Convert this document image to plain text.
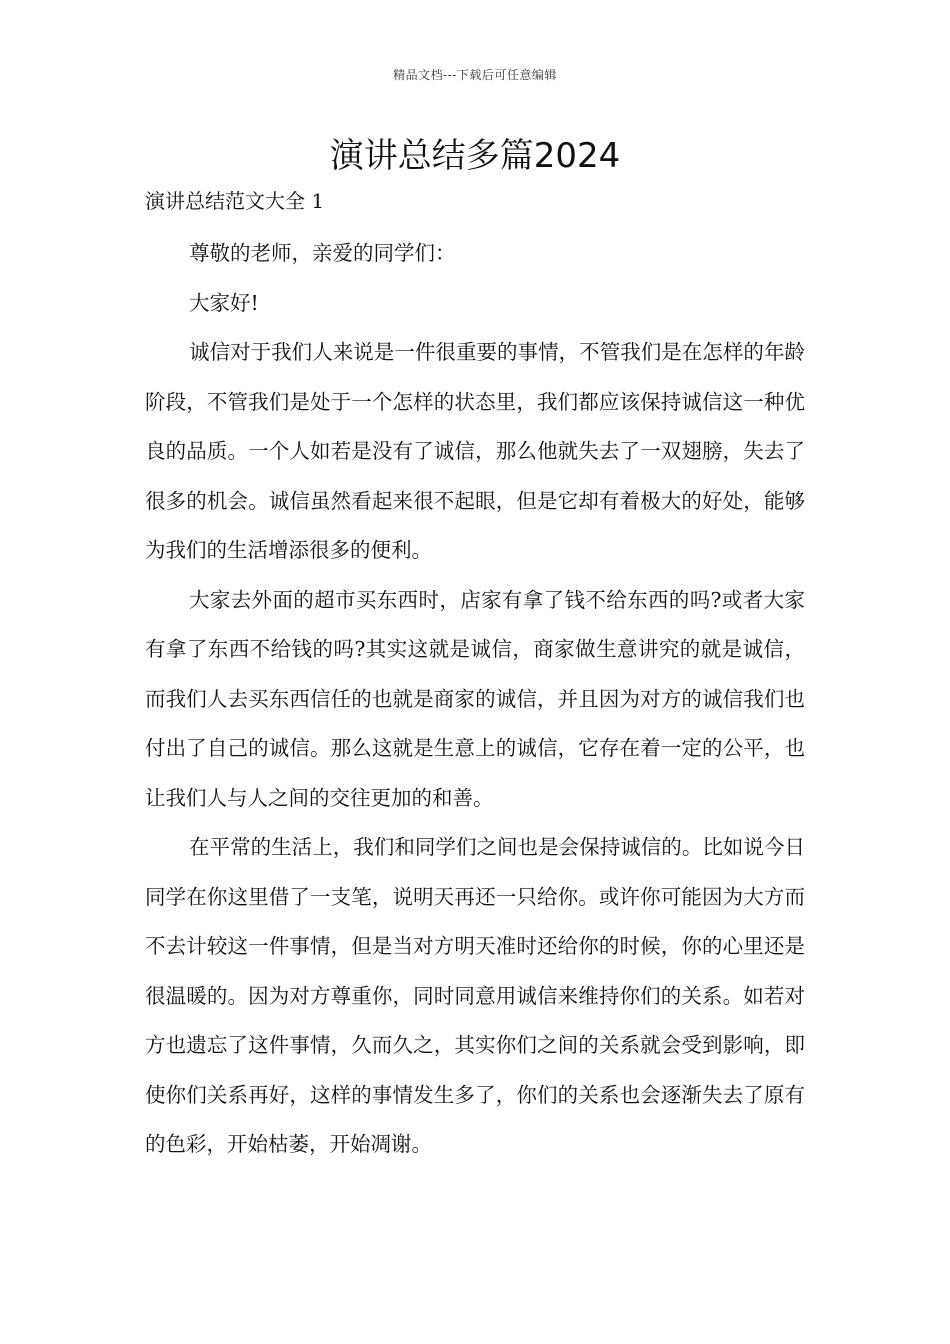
精品文档---下载后可任意编辑
演讲总结多篇2024

演讲总结范文大全 1

尊敬的老师，亲爱的同学们：

大家好!

诚信对于我们人来说是一件很重要的事情，不管我们是在怎样的年龄阶段，不管我们是处于一个怎样的状态里，我们都应该保持诚信这一种优良的品质。一个人如若是没有了诚信，那么他就失去了一双翅膀，失去了很多的机会。诚信虽然看起来很不起眼，但是它却有着极大的好处，能够为我们的生活增添很多的便利。

大家去外面的超市买东西时，店家有拿了钱不给东西的吗?或者大家有拿了东西不给钱的吗?其实这就是诚信，商家做生意讲究的就是诚信，而我们人去买东西信任的也就是商家的诚信，并且因为对方的诚信我们也付出了自己的诚信。那么这就是生意上的诚信，它存在着一定的公平，也让我们人与人之间的交往更加的和善。

在平常的生活上，我们和同学们之间也是会保持诚信的。比如说今日同学在你这里借了一支笔，说明天再还一只给你。或许你可能因为大方而不去计较这一件事情，但是当对方明天准时还给你的时候，你的心里还是很温暖的。因为对方尊重你，同时同意用诚信来维持你们的关系。如若对方也遗忘了这件事情，久而久之，其实你们之间的关系就会受到影响，即使你们关系再好，这样的事情发生多了，你们的关系也会逐渐失去了原有的色彩，开始枯萎，开始凋谢。
